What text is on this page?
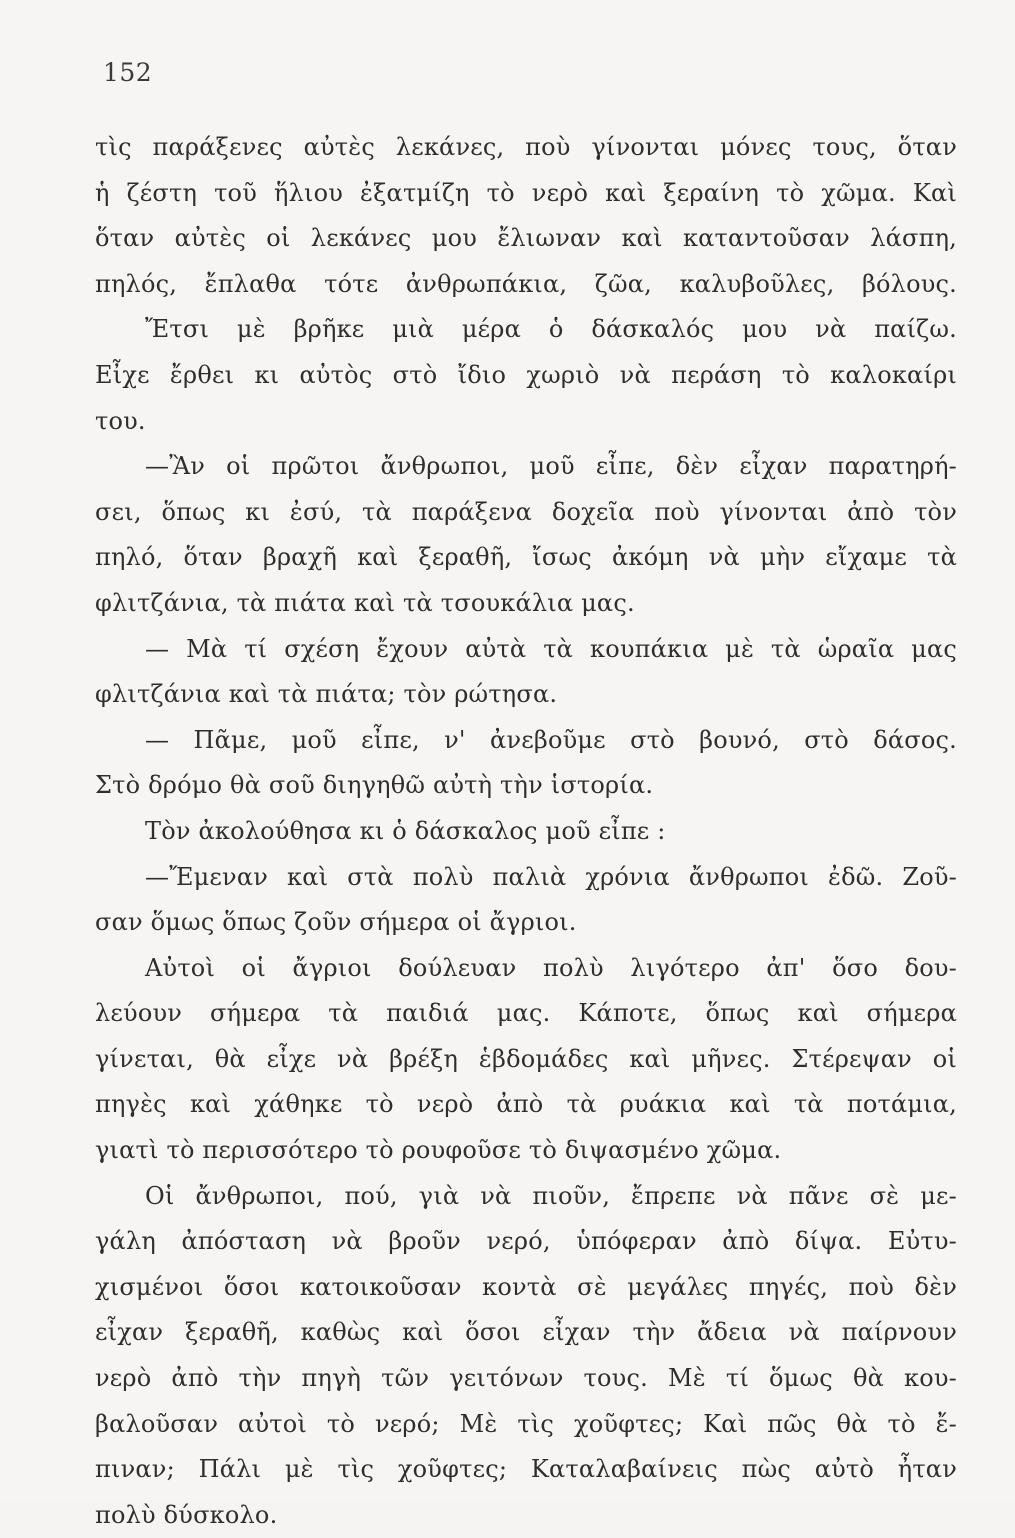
152
τὶς παράξενες αὐτὲς λεκάνες, ποὺ γίνονται μόνες τους, ὅταν
ἡ ζέστη τοῦ ἥλιου ἐξατμίζη τὸ νερὸ καὶ ξεραίνη τὸ χῶμα. Καὶ
ὅταν αὐτὲς οἱ λεκάνες μου ἔλιωναν καὶ καταντοῦσαν λάσπη,
πηλός, ἔπλαθα τότε ἀνθρωπάκια, ζῶα, καλυβοῦλες, βόλους.
Ἔτσι μὲ βρῆκε μιὰ μέρα ὁ δάσκαλός μου νὰ παίζω.
Εἶχε ἔρθει κι αὐτὸς στὸ ἴδιο χωριὸ νὰ περάση τὸ καλοκαίρι
του.
—Ἂν οἱ πρῶτοι ἄνθρωποι, μοῦ εἶπε, δὲν εἶχαν παρατηρή-
σει, ὅπως κι ἐσύ, τὰ παράξενα δοχεῖα ποὺ γίνονται ἀπὸ τὸν
πηλό, ὅταν βραχῆ καὶ ξεραθῆ, ἴσως ἀκόμη νὰ μὴν εἴχαμε τὰ
φλιτζάνια, τὰ πιάτα καὶ τὰ τσουκάλια μας.
— Μὰ τί σχέση ἔχουν αὐτὰ τὰ κουπάκια μὲ τὰ ὡραῖα μας
φλιτζάνια καὶ τὰ πιάτα; τὸν ρώτησα.
— Πᾶμε, μοῦ εἶπε, ν' ἀνεβοῦμε στὸ βουνό, στὸ δάσος.
Στὸ δρόμο θὰ σοῦ διηγηθῶ αὐτὴ τὴν ἱστορία.
Τὸν ἀκολούθησα κι ὁ δάσκαλος μοῦ εἶπε :
—Ἔμεναν καὶ στὰ πολὺ παλιὰ χρόνια ἄνθρωποι ἐδῶ. Ζοῦ-
σαν ὅμως ὅπως ζοῦν σήμερα οἱ ἄγριοι.
Αὐτοὶ οἱ ἄγριοι δούλευαν πολὺ λιγότερο ἀπ' ὅσο δου-
λεύουν σήμερα τὰ παιδιά μας. Κάποτε, ὅπως καὶ σήμερα
γίνεται, θὰ εἶχε νὰ βρέξη ἑβδομάδες καὶ μῆνες. Στέρεψαν οἱ
πηγὲς καὶ χάθηκε τὸ νερὸ ἀπὸ τὰ ρυάκια καὶ τὰ ποτάμια,
γιατὶ τὸ περισσότερο τὸ ρουφοῦσε τὸ διψασμένο χῶμα.
Οἱ ἄνθρωποι, πού, γιὰ νὰ πιοῦν, ἔπρεπε νὰ πᾶνε σὲ με-
γάλη ἀπόσταση νὰ βροῦν νερό, ὑπόφεραν ἀπὸ δίψα. Εὐτυ-
χισμένοι ὅσοι κατοικοῦσαν κοντὰ σὲ μεγάλες πηγές, ποὺ δὲν
εἶχαν ξεραθῆ, καθὼς καὶ ὅσοι εἶχαν τὴν ἄδεια νὰ παίρνουν
νερὸ ἀπὸ τὴν πηγὴ τῶν γειτόνων τους. Μὲ τί ὅμως θὰ κου-
βαλοῦσαν αὐτοὶ τὸ νερό; Μὲ τὶς χοῦφτες; Καὶ πῶς θὰ τὸ ἔ-
πιναν; Πάλι μὲ τὶς χοῦφτες; Καταλαβαίνεις πὼς αὐτὸ ἦταν
πολὺ δύσκολο.
